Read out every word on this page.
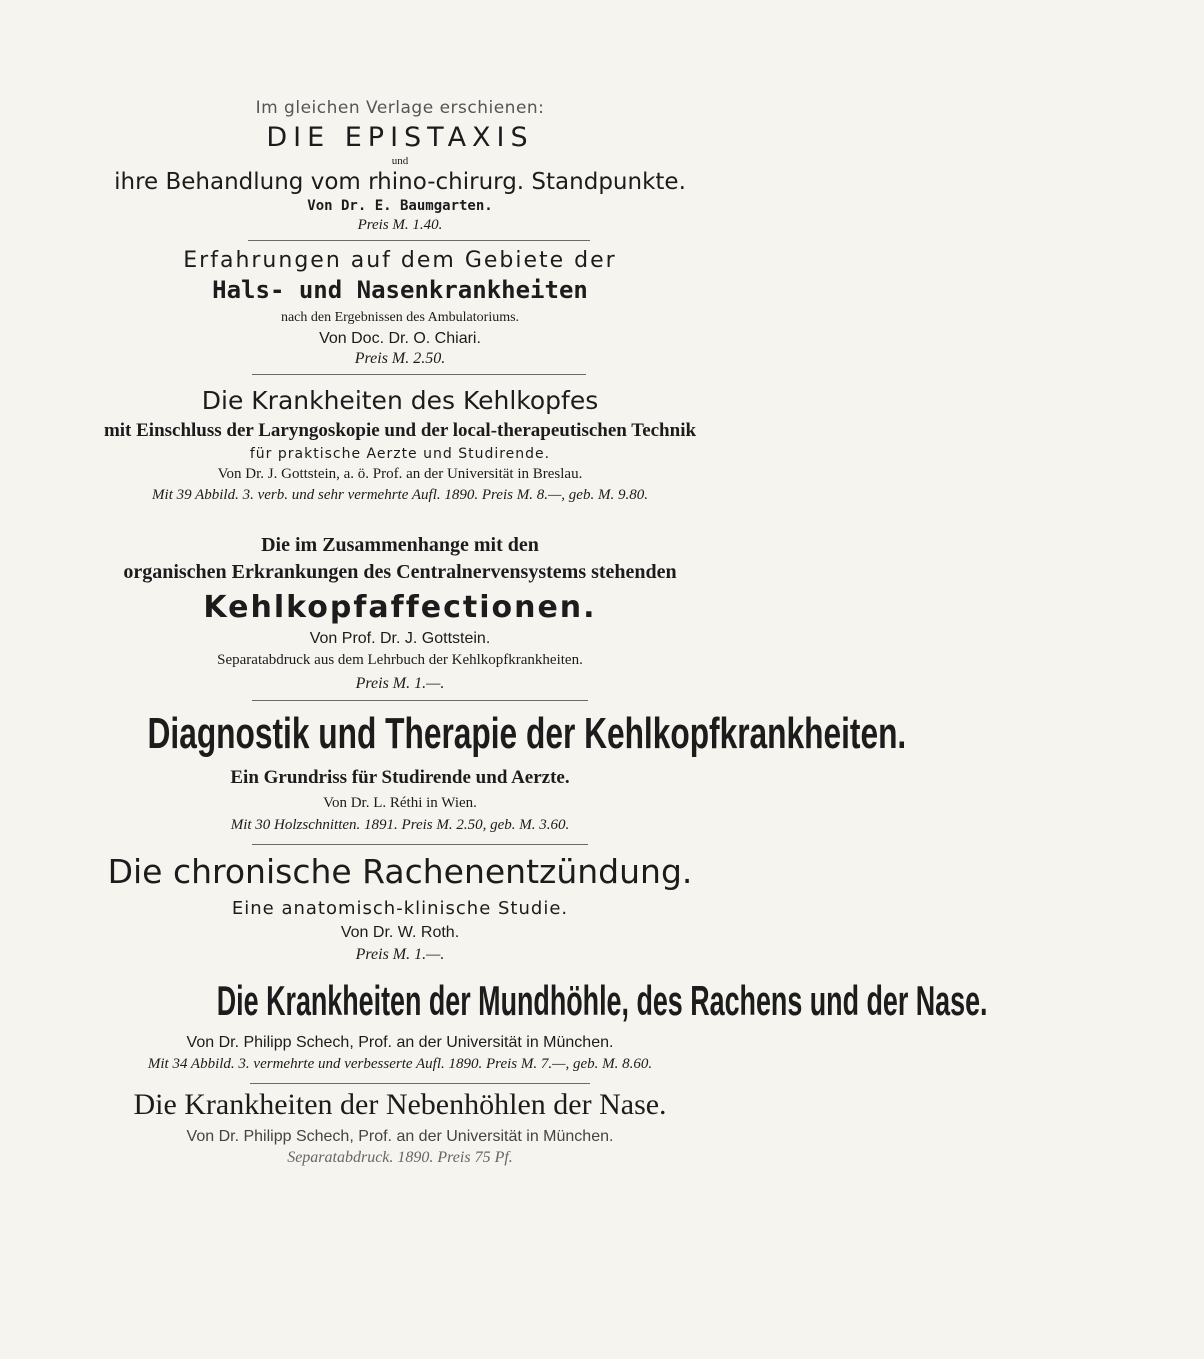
Im gleichen Verlage erschienen:
DIE EPISTAXIS
und
ihre Behandlung vom rhino-chirurg. Standpunkte.
Von Dr. E. Baumgarten.
Preis M. 1.40.
Erfahrungen auf dem Gebiete der
Hals- und Nasenkrankheiten
nach den Ergebnissen des Ambulatoriums.
Von Doc. Dr. O. Chiari.
Preis M. 2.50.
Die Krankheiten des Kehlkopfes
mit Einschluss der Laryngoskopie und der local-therapeutischen Technik
für praktische Aerzte und Studirende.
Von Dr. J. Gottstein, a. ö. Prof. an der Universität in Breslau.
Mit 39 Abbild. 3. verb. und sehr vermehrte Aufl. 1890. Preis M. 8.—, geb. M. 9.80.
Die im Zusammenhange mit den
organischen Erkrankungen des Centralnervensystems stehenden
Kehlkopfaffectionen.
Von Prof. Dr. J. Gottstein.
Separatabdruck aus dem Lehrbuch der Kehlkopfkrankheiten.
Preis M. 1.—.
Diagnostik und Therapie der Kehlkopfkrankheiten.
Ein Grundriss für Studirende und Aerzte.
Von Dr. L. Réthi in Wien.
Mit 30 Holzschnitten. 1891. Preis M. 2.50, geb. M. 3.60.
Die chronische Rachenentzündung.
Eine anatomisch-klinische Studie.
Von Dr. W. Roth.
Preis M. 1.—.
Die Krankheiten der Mundhöhle, des Rachens und der Nase.
Von Dr. Philipp Schech, Prof. an der Universität in München.
Mit 34 Abbild. 3. vermehrte und verbesserte Aufl. 1890. Preis M. 7.—, geb. M. 8.60.
Die Krankheiten der Nebenhöhlen der Nase.
Von Dr. Philipp Schech, Prof. an der Universität in München.
Separatabdruck. 1890. Preis 75 Pf.
